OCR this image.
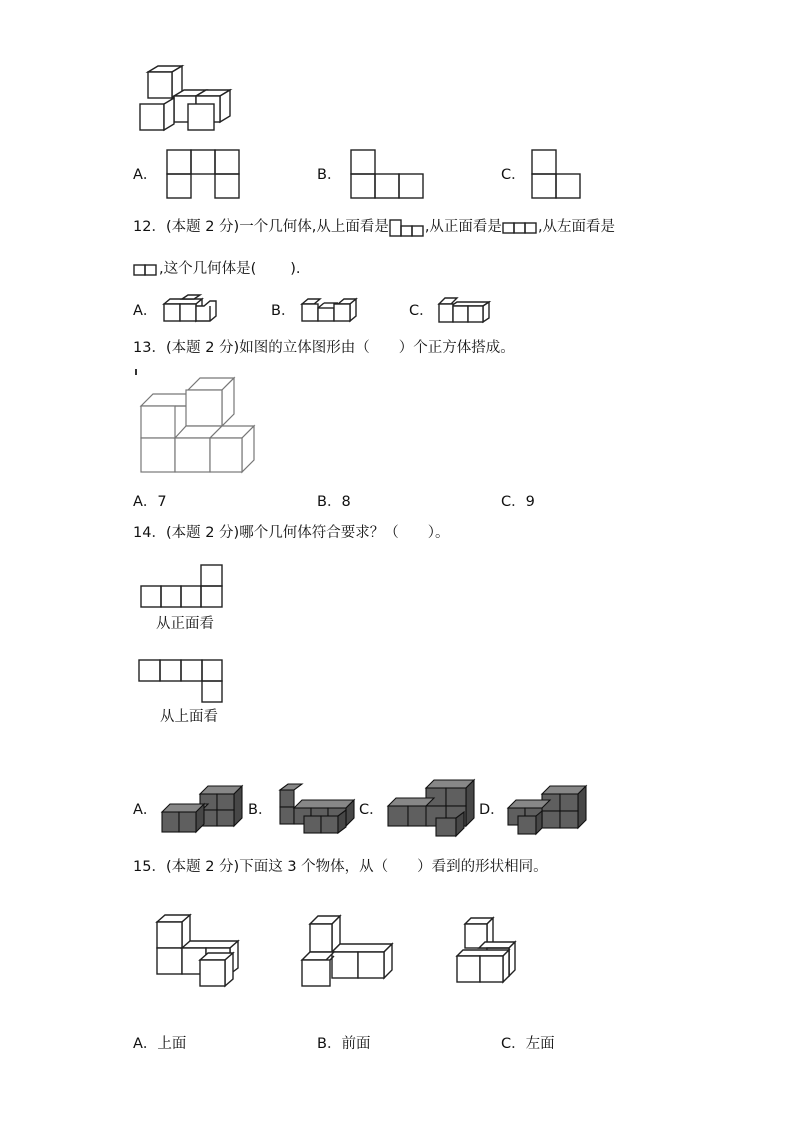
A．	B．	C．
12．(本题 2 分)一个几何体,从上面看是 ,从正面看是 ,从左面看是
,这个几何体是( ).
A．	B．	C．
13．(本题 2 分)如图的立体图形由（　　）个正方体搭成。
A．7	B．8	C．9
14．(本题 2 分)哪个几何体符合要求？（　　）。
从正面看
从上面看
A．	B．	C．	D．
15．(本题 2 分)下面这 3 个物体，从（　　）看到的形状相同。
A．上面	B．前面	C．左面
